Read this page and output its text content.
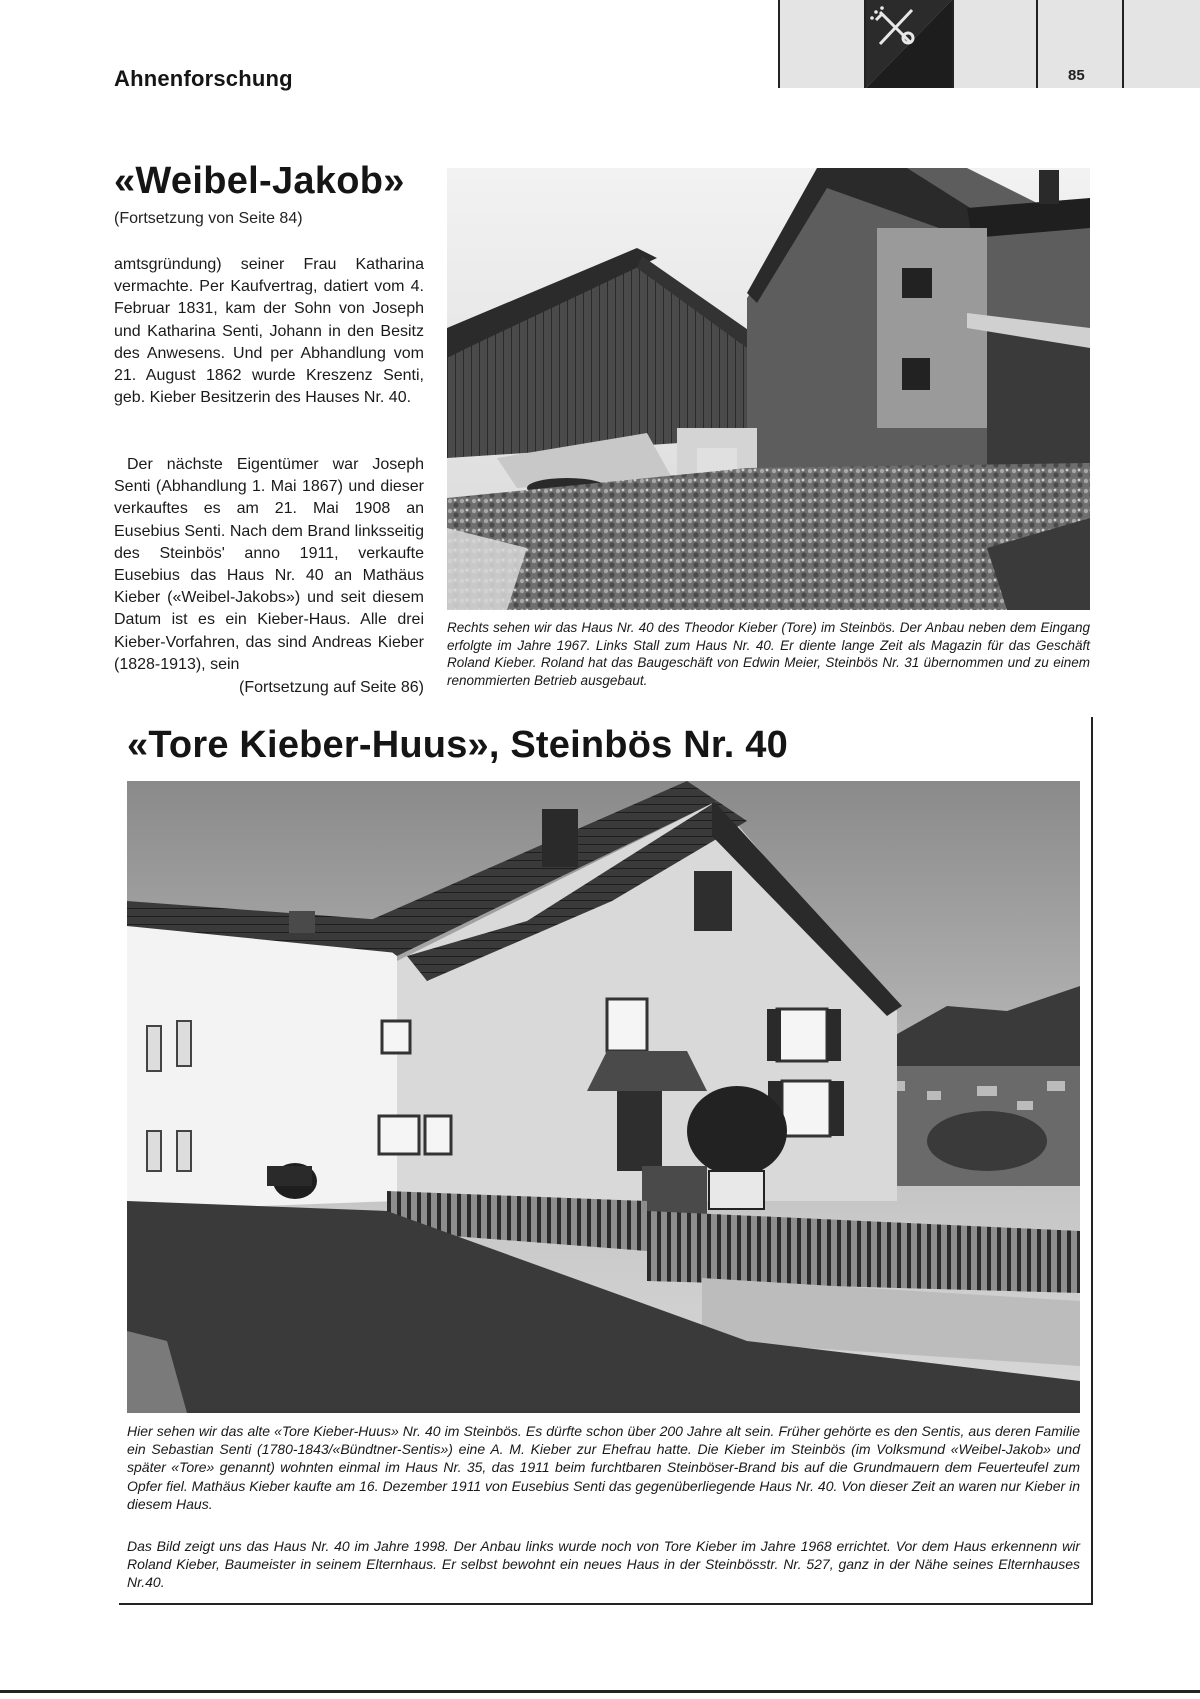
Ahnenforschung	85
«Weibel-Jakob»
(Fortsetzung von Seite 84)
amtsgründung) seiner Frau Katharina vermachte. Per Kaufvertrag, datiert vom 4. Februar 1831, kam der Sohn von Joseph und Katharina Senti, Johann in den Besitz des Anwesens. Und per Abhandlung vom 21. August 1862 wurde Kreszenz Senti, geb. Kieber Besitzerin des Hauses Nr. 40.
Der nächste Eigentümer war Joseph Senti (Abhandlung 1. Mai 1867) und dieser verkauftes es am 21. Mai 1908 an Eusebius Senti. Nach dem Brand linksseitig des Steinbös' anno 1911, verkaufte Eusebius das Haus Nr. 40 an Mathäus Kieber («Weibel-Jakobs») und seit diesem Datum ist es ein Kieber-Haus. Alle drei Kieber-Vorfahren, das sind Andreas Kieber (1828-1913), sein
(Fortsetzung auf Seite 86)
Rechts sehen wir das Haus Nr. 40 des Theodor Kieber (Tore) im Steinbös. Der Anbau neben dem Eingang erfolgte im Jahre 1967. Links Stall zum Haus Nr. 40. Er diente lange Zeit als Magazin für das Geschäft Roland Kieber. Roland hat das Baugeschäft von Edwin Meier, Steinbös Nr. 31 übernommen und zu einem renommierten Betrieb ausgebaut.
«Tore Kieber-Huus», Steinbös Nr. 40
Hier sehen wir das alte «Tore Kieber-Huus» Nr. 40 im Steinbös. Es dürfte schon über 200 Jahre alt sein. Früher gehörte es den Sentis, aus deren Familie ein Sebastian Senti (1780-1843/«Bündtner-Sentis») eine A. M. Kieber zur Ehefrau hatte. Die Kieber im Steinbös (im Volksmund «Weibel-Jakob» und später «Tore» genannt) wohnten einmal im Haus Nr. 35, das 1911 beim furchtbaren Steinböser-Brand bis auf die Grundmauern dem Feuerteufel zum Opfer fiel. Mathäus Kieber kaufte am 16. Dezember 1911 von Eusebius Senti das gegenüberliegende Haus Nr. 40. Von dieser Zeit an waren nur Kieber in diesem Haus.
Das Bild zeigt uns das Haus Nr. 40 im Jahre 1998. Der Anbau links wurde noch von Tore Kieber im Jahre 1968 errichtet. Vor dem Haus erkennenn wir Roland Kieber, Baumeister in seinem Elternhaus. Er selbst bewohnt ein neues Haus in der Steinbösstr. Nr. 527, ganz in der Nähe seines Elternhauses Nr.40.
